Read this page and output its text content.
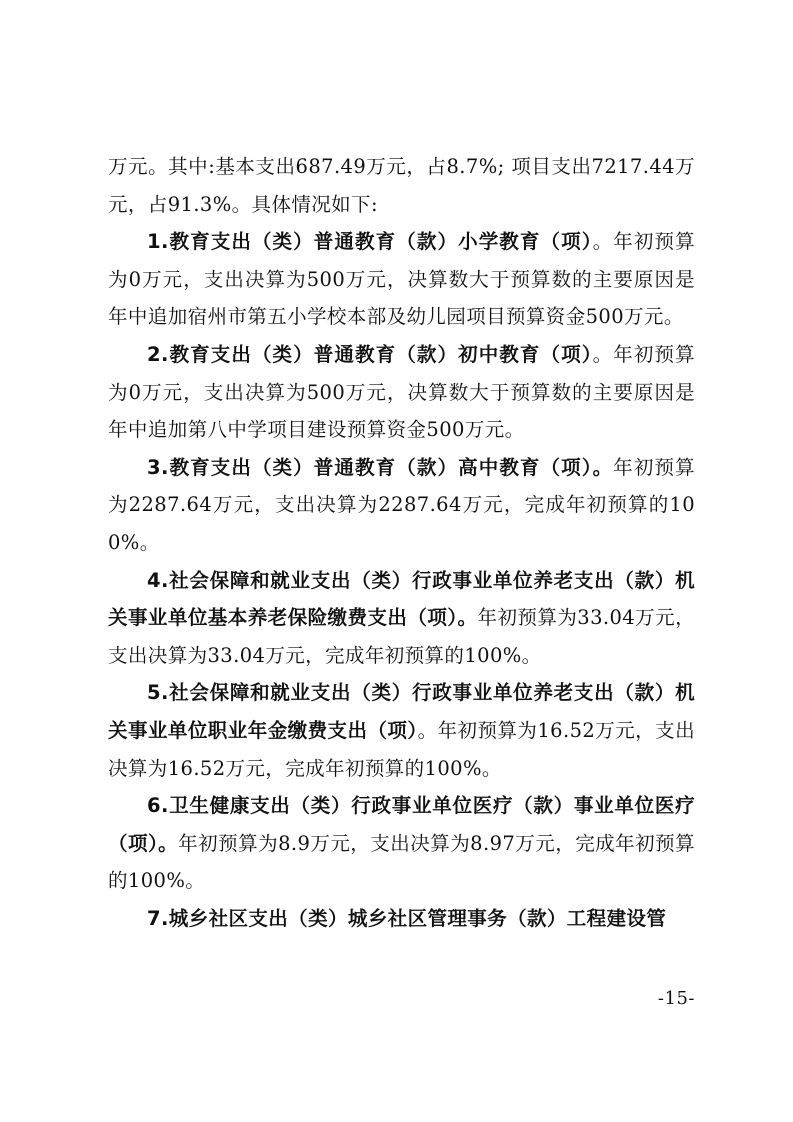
万元。其中:基本支出687.49万元，占8.7%; 项目支出7217.44万元，占91.3%。具体情况如下:

1.教育支出（类）普通教育（款）小学教育（项）。年初预算为0万元，支出决算为500万元，决算数大于预算数的主要原因是年中追加宿州市第五小学校本部及幼儿园项目预算资金500万元。

2.教育支出（类）普通教育（款）初中教育（项）。年初预算为0万元，支出决算为500万元，决算数大于预算数的主要原因是年中追加第八中学项目建设预算资金500万元。

3.教育支出（类）普通教育（款）高中教育（项）。年初预算为2287.64万元，支出决算为2287.64万元，完成年初预算的100%。

4.社会保障和就业支出（类）行政事业单位养老支出（款）机关事业单位基本养老保险缴费支出（项）。年初预算为33.04万元，支出决算为33.04万元，完成年初预算的100%。

5.社会保障和就业支出（类）行政事业单位养老支出（款）机关事业单位职业年金缴费支出（项）。年初预算为16.52万元，支出决算为16.52万元，完成年初预算的100%。

6.卫生健康支出（类）行政事业单位医疗（款）事业单位医疗（项）。年初预算为8.9万元，支出决算为8.97万元，完成年初预算的100%。

7.城乡社区支出（类）城乡社区管理事务（款）工程建设管

-15-
